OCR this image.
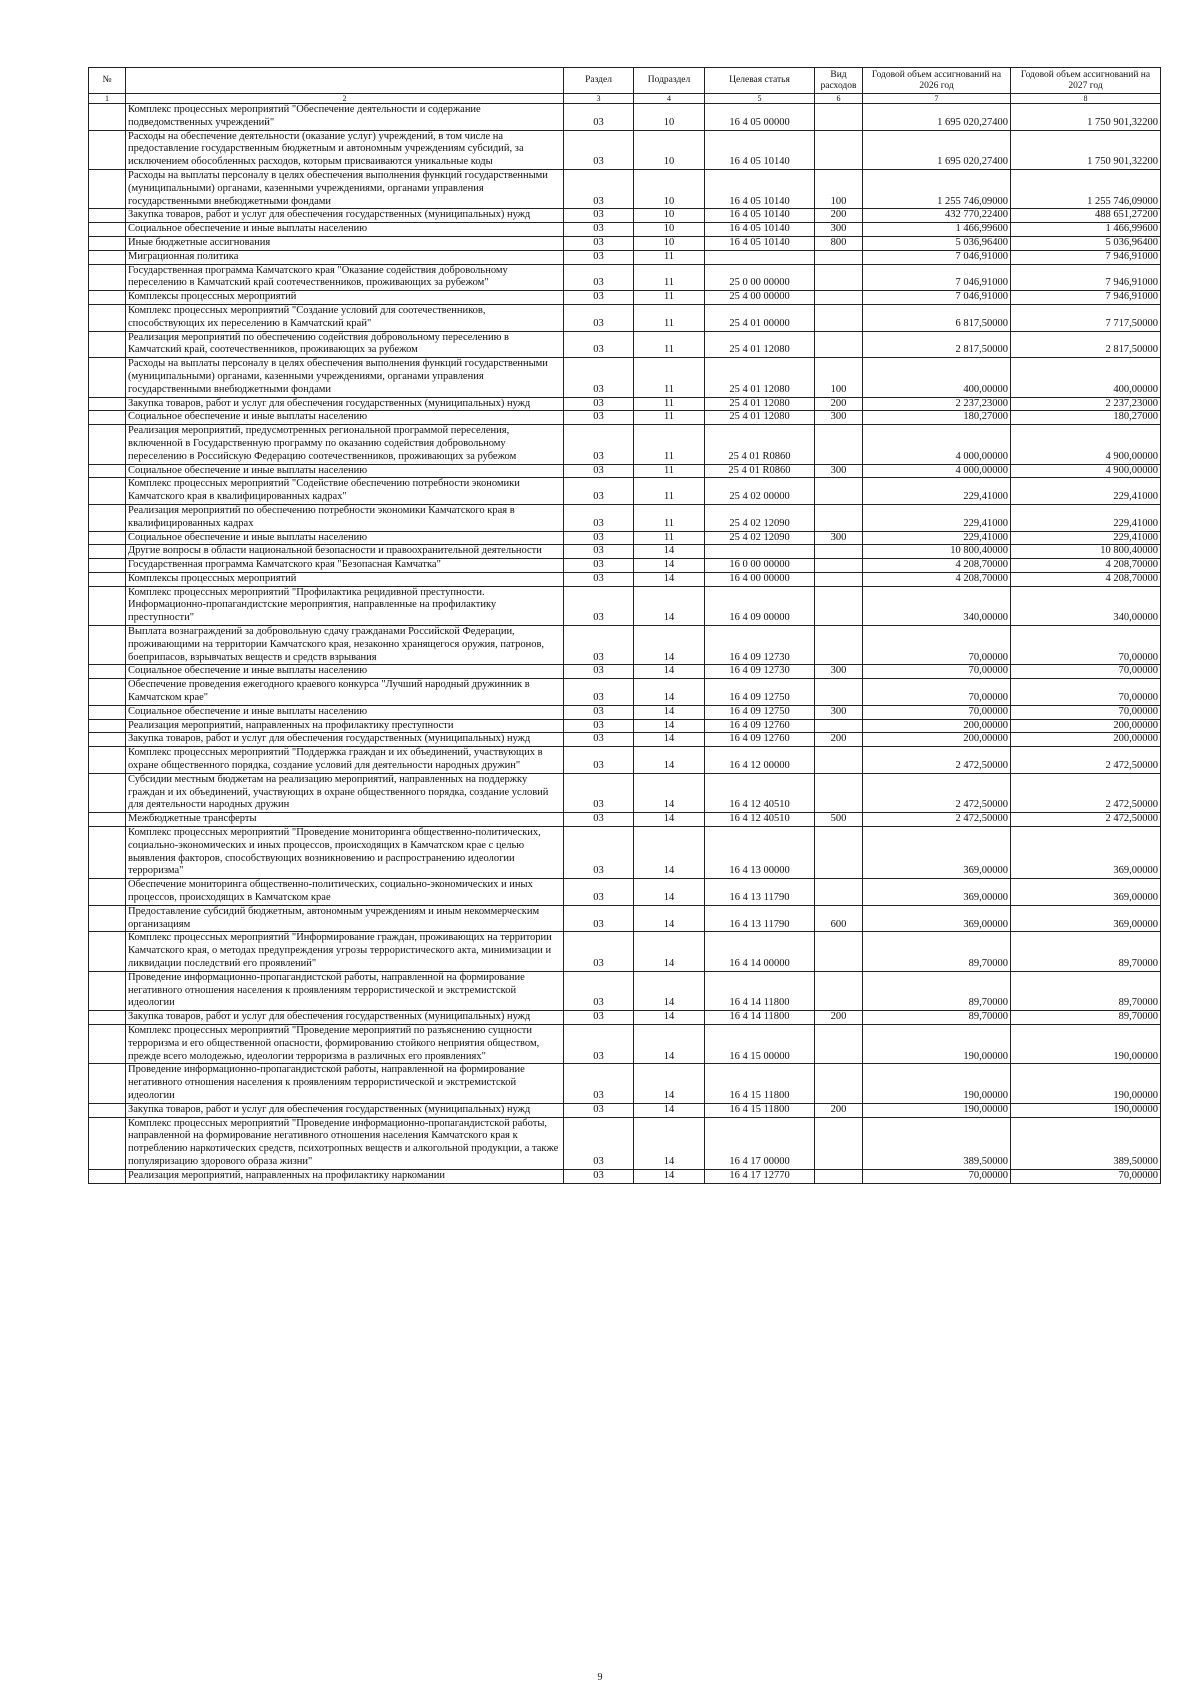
№		Раздел	Подраздел	Целевая статья	Вид расходов	Годовой объем ассигнований на 2026 год	Годовой объем ассигнований на 2027 год
1	2	3	4	5	6	7	8
	Комплекс процессных мероприятий "Обеспечение деятельности и содержание подведомственных учреждений"	03	10	16 4 05 00000		1 695 020,27400	1 750 901,32200
	Расходы на обеспечение деятельности (оказание услуг) учреждений, в том числе на предоставление государственным бюджетным и автономным учреждениям субсидий, за исключением обособленных расходов, которым присваиваются уникальные коды	03	10	16 4 05 10140		1 695 020,27400	1 750 901,32200
	Расходы на выплаты персоналу в целях обеспечения выполнения функций государственными (муниципальными) органами, казенными учреждениями, органами управления государственными внебюджетными фондами	03	10	16 4 05 10140	100	1 255 746,09000	1 255 746,09000
	Закупка товаров, работ и услуг для обеспечения государственных (муниципальных) нужд	03	10	16 4 05 10140	200	432 770,22400	488 651,27200
	Социальное обеспечение и иные выплаты населению	03	10	16 4 05 10140	300	1 466,99600	1 466,99600
	Иные бюджетные ассигнования	03	10	16 4 05 10140	800	5 036,96400	5 036,96400
	Миграционная политика	03	11			7 046,91000	7 946,91000
	Государственная программа Камчатского края "Оказание содействия добровольному переселению в Камчатский край соотечественников, проживающих за рубежом"	03	11	25 0 00 00000		7 046,91000	7 946,91000
	Комплексы процессных мероприятий	03	11	25 4 00 00000		7 046,91000	7 946,91000
	Комплекс процессных мероприятий "Создание условий для соотечественников, способствующих их переселению в Камчатский край"	03	11	25 4 01 00000		6 817,50000	7 717,50000
	Реализация мероприятий по обеспечению содействия добровольному переселению в Камчатский край, соотечественников, проживающих за рубежом	03	11	25 4 01 12080		2 817,50000	2 817,50000
	Расходы на выплаты персоналу в целях обеспечения выполнения функций государственными (муниципальными) органами, казенными учреждениями, органами управления государственными внебюджетными фондами	03	11	25 4 01 12080	100	400,00000	400,00000
	Закупка товаров, работ и услуг для обеспечения государственных (муниципальных) нужд	03	11	25 4 01 12080	200	2 237,23000	2 237,23000
	Социальное обеспечение и иные выплаты населению	03	11	25 4 01 12080	300	180,27000	180,27000
	Реализация мероприятий, предусмотренных региональной программой переселения, включенной в Государственную программу по оказанию содействия добровольному переселению в Российскую Федерацию соотечественников, проживающих за рубежом	03	11	25 4 01 R0860		4 000,00000	4 900,00000
	Социальное обеспечение и иные выплаты населению	03	11	25 4 01 R0860	300	4 000,00000	4 900,00000
	Комплекс процессных мероприятий "Содействие обеспечению потребности экономики Камчатского края в квалифицированных кадрах"	03	11	25 4 02 00000		229,41000	229,41000
	Реализация мероприятий по обеспечению потребности экономики Камчатского края в квалифицированных кадрах	03	11	25 4 02 12090		229,41000	229,41000
	Социальное обеспечение и иные выплаты населению	03	11	25 4 02 12090	300	229,41000	229,41000
	Другие вопросы в области национальной безопасности и правоохранительной деятельности	03	14			10 800,40000	10 800,40000
	Государственная программа Камчатского края "Безопасная Камчатка"	03	14	16 0 00 00000		4 208,70000	4 208,70000
	Комплексы процессных мероприятий	03	14	16 4 00 00000		4 208,70000	4 208,70000
	Комплекс процессных мероприятий "Профилактика рецидивной преступности. Информационно-пропагандистские мероприятия, направленные на профилактику преступности"	03	14	16 4 09 00000		340,00000	340,00000
	Выплата вознаграждений за добровольную сдачу гражданами Российской Федерации, проживающими на территории Камчатского края, незаконно хранящегося оружия, патронов, боеприпасов, взрывчатых веществ и средств взрывания	03	14	16 4 09 12730		70,00000	70,00000
	Социальное обеспечение и иные выплаты населению	03	14	16 4 09 12730	300	70,00000	70,00000
	Обеспечение проведения ежегодного краевого конкурса "Лучший народный дружинник в Камчатском крае"	03	14	16 4 09 12750		70,00000	70,00000
	Социальное обеспечение и иные выплаты населению	03	14	16 4 09 12750	300	70,00000	70,00000
	Реализация мероприятий, направленных на профилактику преступности	03	14	16 4 09 12760		200,00000	200,00000
	Закупка товаров, работ и услуг для обеспечения государственных (муниципальных) нужд	03	14	16 4 09 12760	200	200,00000	200,00000
	Комплекс процессных мероприятий "Поддержка граждан и их объединений, участвующих в охране общественного порядка, создание условий для деятельности народных дружин"	03	14	16 4 12 00000		2 472,50000	2 472,50000
	Субсидии местным бюджетам на реализацию мероприятий, направленных на поддержку граждан и их объединений, участвующих в охране общественного порядка, создание условий для деятельности народных дружин	03	14	16 4 12 40510		2 472,50000	2 472,50000
	Межбюджетные трансферты	03	14	16 4 12 40510	500	2 472,50000	2 472,50000
	Комплекс процессных мероприятий "Проведение мониторинга общественно-политических, социально-экономических и иных процессов, происходящих в Камчатском крае с целью выявления факторов, способствующих возникновению и распространению идеологии терроризма"	03	14	16 4 13 00000		369,00000	369,00000
	Обеспечение мониторинга общественно-политических, социально-экономических и иных процессов, происходящих в Камчатском крае	03	14	16 4 13 11790		369,00000	369,00000
	Предоставление субсидий бюджетным, автономным учреждениям и иным некоммерческим организациям	03	14	16 4 13 11790	600	369,00000	369,00000
	Комплекс процессных мероприятий "Информирование граждан, проживающих на территории Камчатского края, о методах предупреждения угрозы террористического акта, минимизации и ликвидации последствий его проявлений"	03	14	16 4 14 00000		89,70000	89,70000
	Проведение информационно-пропагандистской работы, направленной на формирование негативного отношения населения к проявлениям террористической и экстремистской идеологии	03	14	16 4 14 11800		89,70000	89,70000
	Закупка товаров, работ и услуг для обеспечения государственных (муниципальных) нужд	03	14	16 4 14 11800	200	89,70000	89,70000
	Комплекс процессных мероприятий "Проведение мероприятий по разъяснению сущности терроризма и его общественной опасности, формированию стойкого неприятия обществом, прежде всего молодежью, идеологии терроризма в различных его проявлениях"	03	14	16 4 15 00000		190,00000	190,00000
	Проведение информационно-пропагандистской работы, направленной на формирование негативного отношения населения к проявлениям террористической и экстремистской идеологии	03	14	16 4 15 11800		190,00000	190,00000
	Закупка товаров, работ и услуг для обеспечения государственных (муниципальных) нужд	03	14	16 4 15 11800	200	190,00000	190,00000
	Комплекс процессных мероприятий "Проведение информационно-пропагандистской работы, направленной на формирование негативного отношения населения Камчатского края к потреблению наркотических средств, психотропных веществ и алкогольной продукции, а также популяризацию здорового образа жизни"	03	14	16 4 17 00000		389,50000	389,50000
	Реализация мероприятий, направленных на профилактику наркомании	03	14	16 4 17 12770		70,00000	70,00000
9
